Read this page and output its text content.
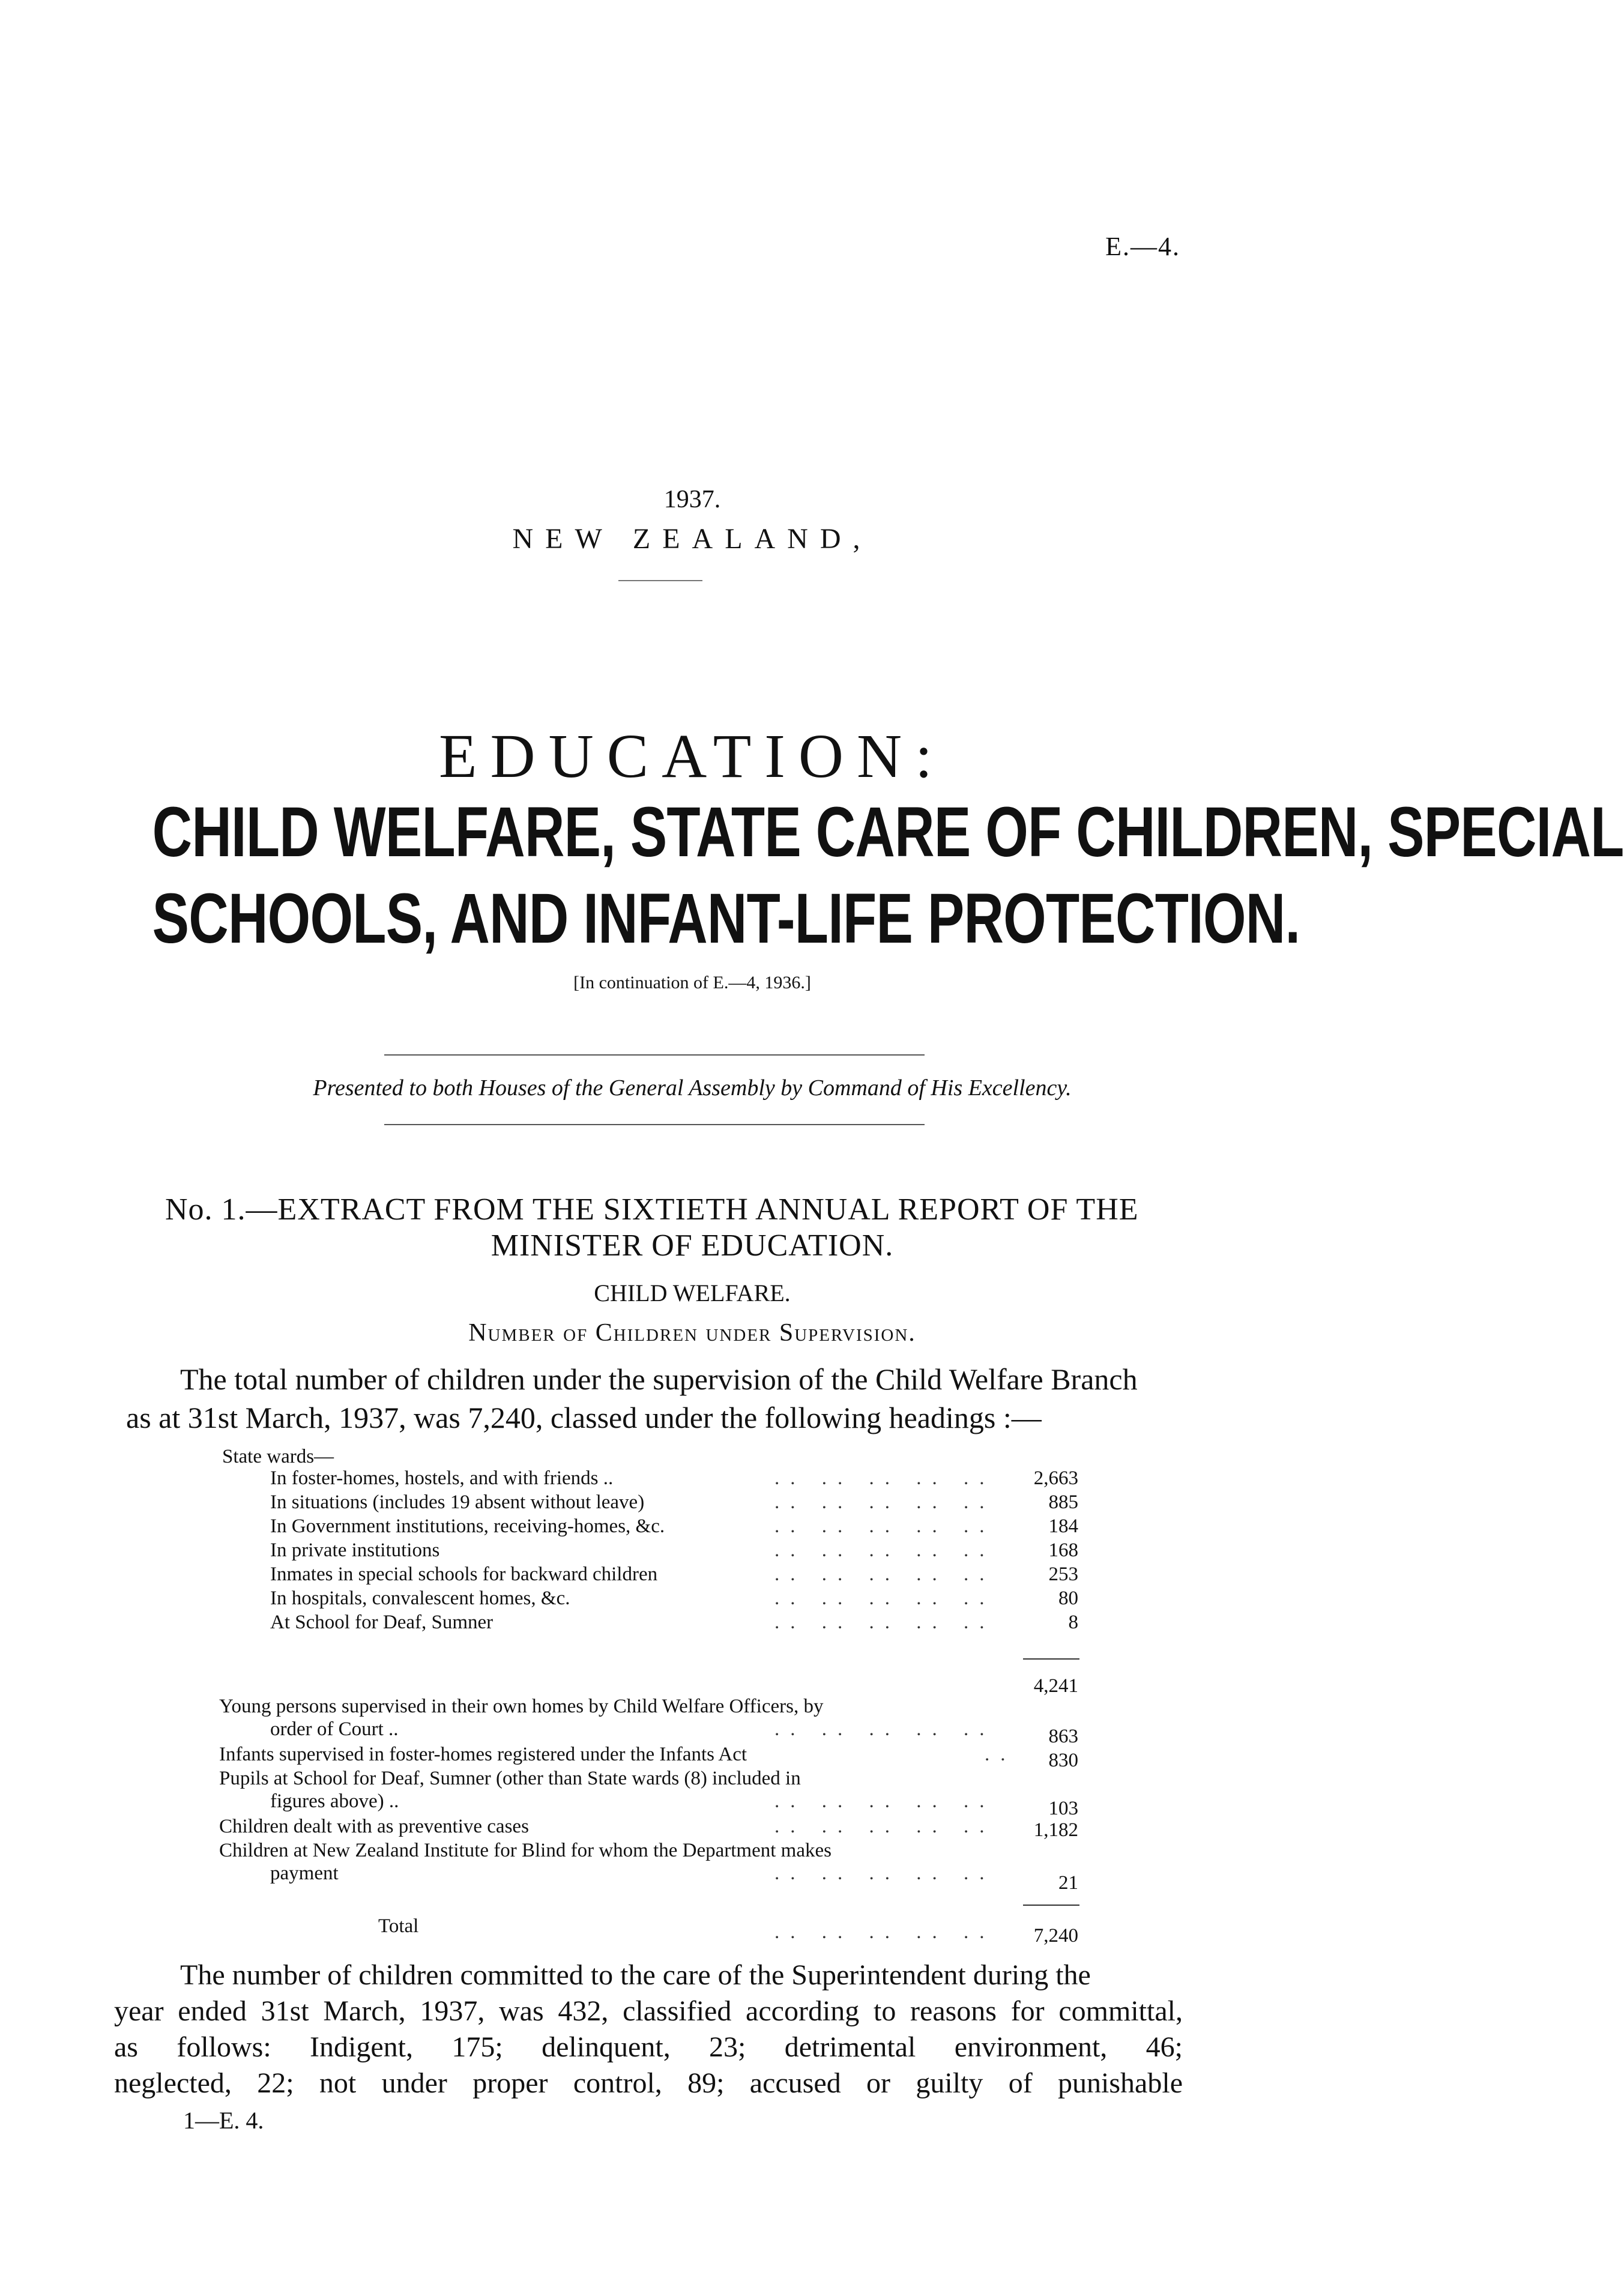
E.—4.
1937.
NEW ZEALAND,
EDUCATION:
CHILD WELFARE, STATE CARE OF CHILDREN, SPECIAL
SCHOOLS, AND INFANT-LIFE PROTECTION.
[In continuation of E.—4, 1936.]
Presented to both Houses of the General Assembly by Command of His Excellency.
No. 1.—EXTRACT FROM THE SIXTIETH ANNUAL REPORT OF THE
MINISTER OF EDUCATION.
CHILD WELFARE.
Number of Children under Supervision.
The total number of children under the supervision of the Child Welfare Branch
as at 31st March, 1937, was 7,240, classed under the following headings :—
State wards—
In foster-homes, hostels, and with friends ..	.. .. .. .. ..	2,663
In situations (includes 19 absent without leave)	.. .. .. .. ..	885
In Government institutions, receiving-homes, &c.	.. .. .. .. ..	184
In private institutions	.. .. .. .. ..	168
Inmates in special schools for backward children	.. .. .. .. ..	253
In hospitals, convalescent homes, &c.	.. .. .. .. ..	80
At School for Deaf, Sumner	.. .. .. .. ..	8
4,241
Young persons supervised in their own homes by Child Welfare Officers, by
order of Court ..	.. .. .. .. ..	863
Infants supervised in foster-homes registered under the Infants Act	.. 830
Pupils at School for Deaf, Sumner (other than State wards (8) included in
figures above) ..	.. .. .. .. ..	103
Children dealt with as preventive cases	.. .. .. .. ..	1,182
Children at New Zealand Institute for Blind for whom the Department makes
payment	.. .. .. .. ..	21
Total	.. .. .. .. ..	7,240
The number of children committed to the care of the Superintendent during the
year ended 31st March, 1937, was 432, classified according to reasons for committal,
as follows: Indigent, 175; delinquent, 23; detrimental environment, 46;
neglected, 22; not under proper control, 89; accused or guilty of punishable
1—E. 4.
